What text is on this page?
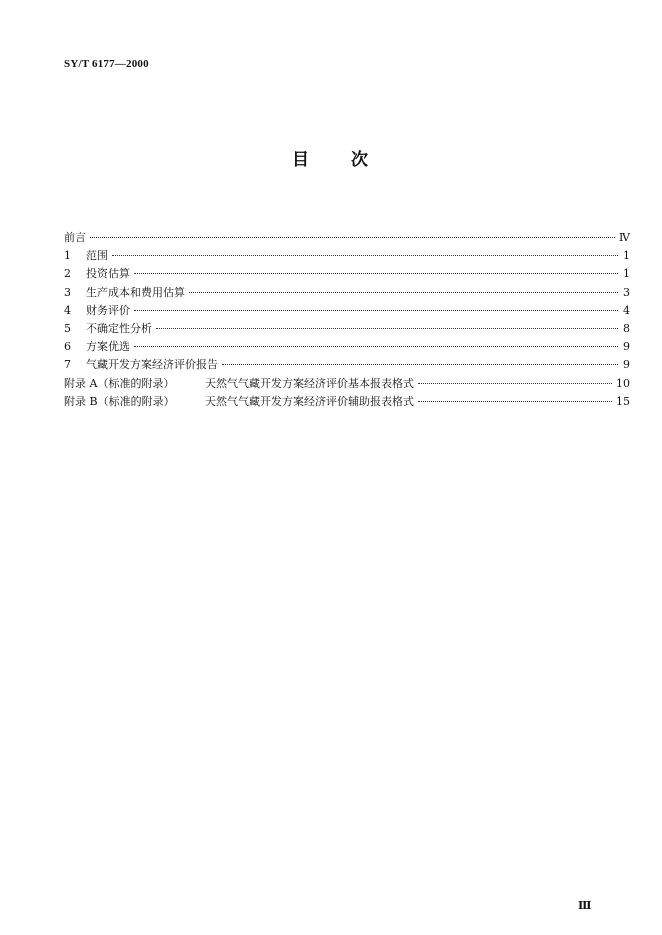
SY/T 6177—2000
目 次
前言	Ⅳ
1	范围	1
2	投资估算	1
3	生产成本和费用估算	3
4	财务评价	4
5	不确定性分析	8
6	方案优选	9
7	气藏开发方案经济评价报告	9
附录 A（标准的附录）	天然气气藏开发方案经济评价基本报表格式	10
附录 B（标准的附录）	天然气气藏开发方案经济评价辅助报表格式	15
Ⅲ
